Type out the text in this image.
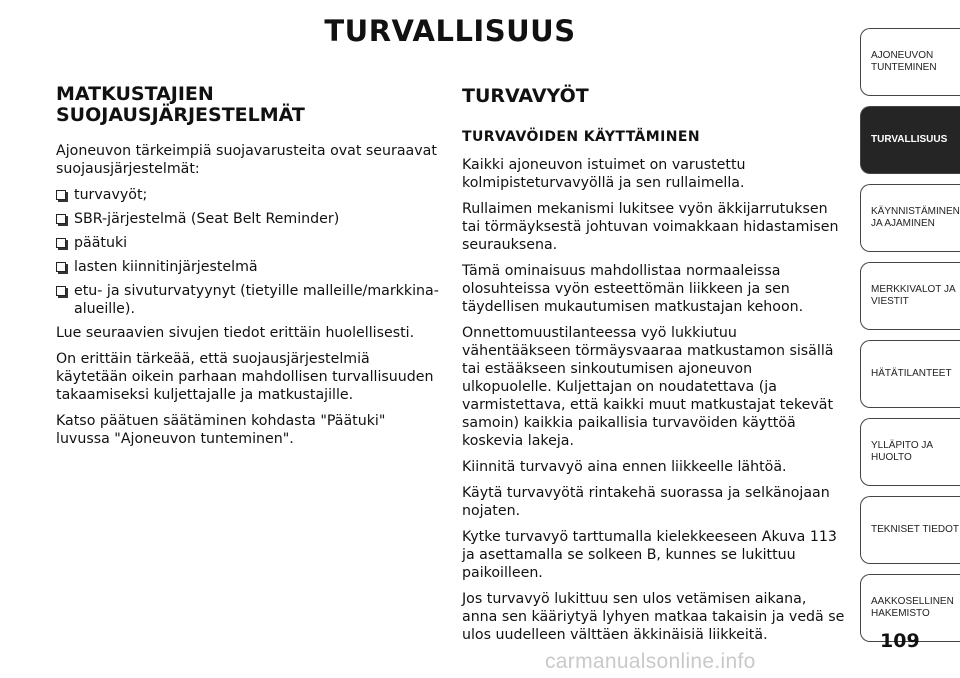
TURVALLISUUS
MATKUSTAJIEN SUOJAUSJÄRJESTELMÄT

Ajoneuvon tärkeimpiä suojavarusteita ovat seuraavat suojausjärjestelmät:

turvavyöt;
SBR-järjestelmä (Seat Belt Reminder)
päätuki
lasten kiinnitinjärjestelmä
etu- ja sivuturvatyynyt (tietyille malleille/markkina-alueille).

Lue seuraavien sivujen tiedot erittäin huolellisesti.

On erittäin tärkeää, että suojausjärjestelmiä käytetään oikein parhaan mahdollisen turvallisuuden takaamiseksi kuljettajalle ja matkustajille.

Katso päätuen säätäminen kohdasta "Päätuki" luvussa "Ajoneuvon tunteminen".

TURVAVYÖT
TURVAVÖIDEN KÄYTTÄMINEN

Kaikki ajoneuvon istuimet on varustettu kolmipisteturvavyöllä ja sen rullaimella.

Rullaimen mekanismi lukitsee vyön äkkijarrutuksen tai törmäyksestä johtuvan voimakkaan hidastamisen seurauksena.

Tämä ominaisuus mahdollistaa normaaleissa olosuhteissa vyön esteettömän liikkeen ja sen täydellisen mukautumisen matkustajan kehoon.

Onnettomuustilanteessa vyö lukkiutuu vähentääkseen törmäysvaaraa matkustamon sisällä tai estääkseen sinkoutumisen ajoneuvon ulkopuolelle. Kuljettajan on noudatettava (ja varmistettava, että kaikki muut matkustajat tekevät samoin) kaikkia paikallisia turvavöiden käyttöä koskevia lakeja.

Kiinnitä turvavyö aina ennen liikkeelle lähtöä.

Käytä turvavyötä rintakehä suorassa ja selkänojaan nojaten.

Kytke turvavyö tarttumalla kielekkeeseen Akuva 113 ja asettamalla se solkeen B, kunnes se lukittuu paikoilleen.

Jos turvavyö lukittuu sen ulos vetämisen aikana, anna sen kääriytyä lyhyen matkaa takaisin ja vedä se ulos uudelleen välttäen äkkinäisiä liikkeitä.

AJONEUVON TUNTEMINEN
TURVALLISUUS
KÄYNNISTÄMINEN JA AJAMINEN
MERKKIVALOT JA VIESTIT
HÄTÄTILANTEET
YLLÄPITO JA HUOLTO
TEKNISET TIEDOT
AAKKOSELLINEN HAKEMISTO
109
carmanualsonline.info
